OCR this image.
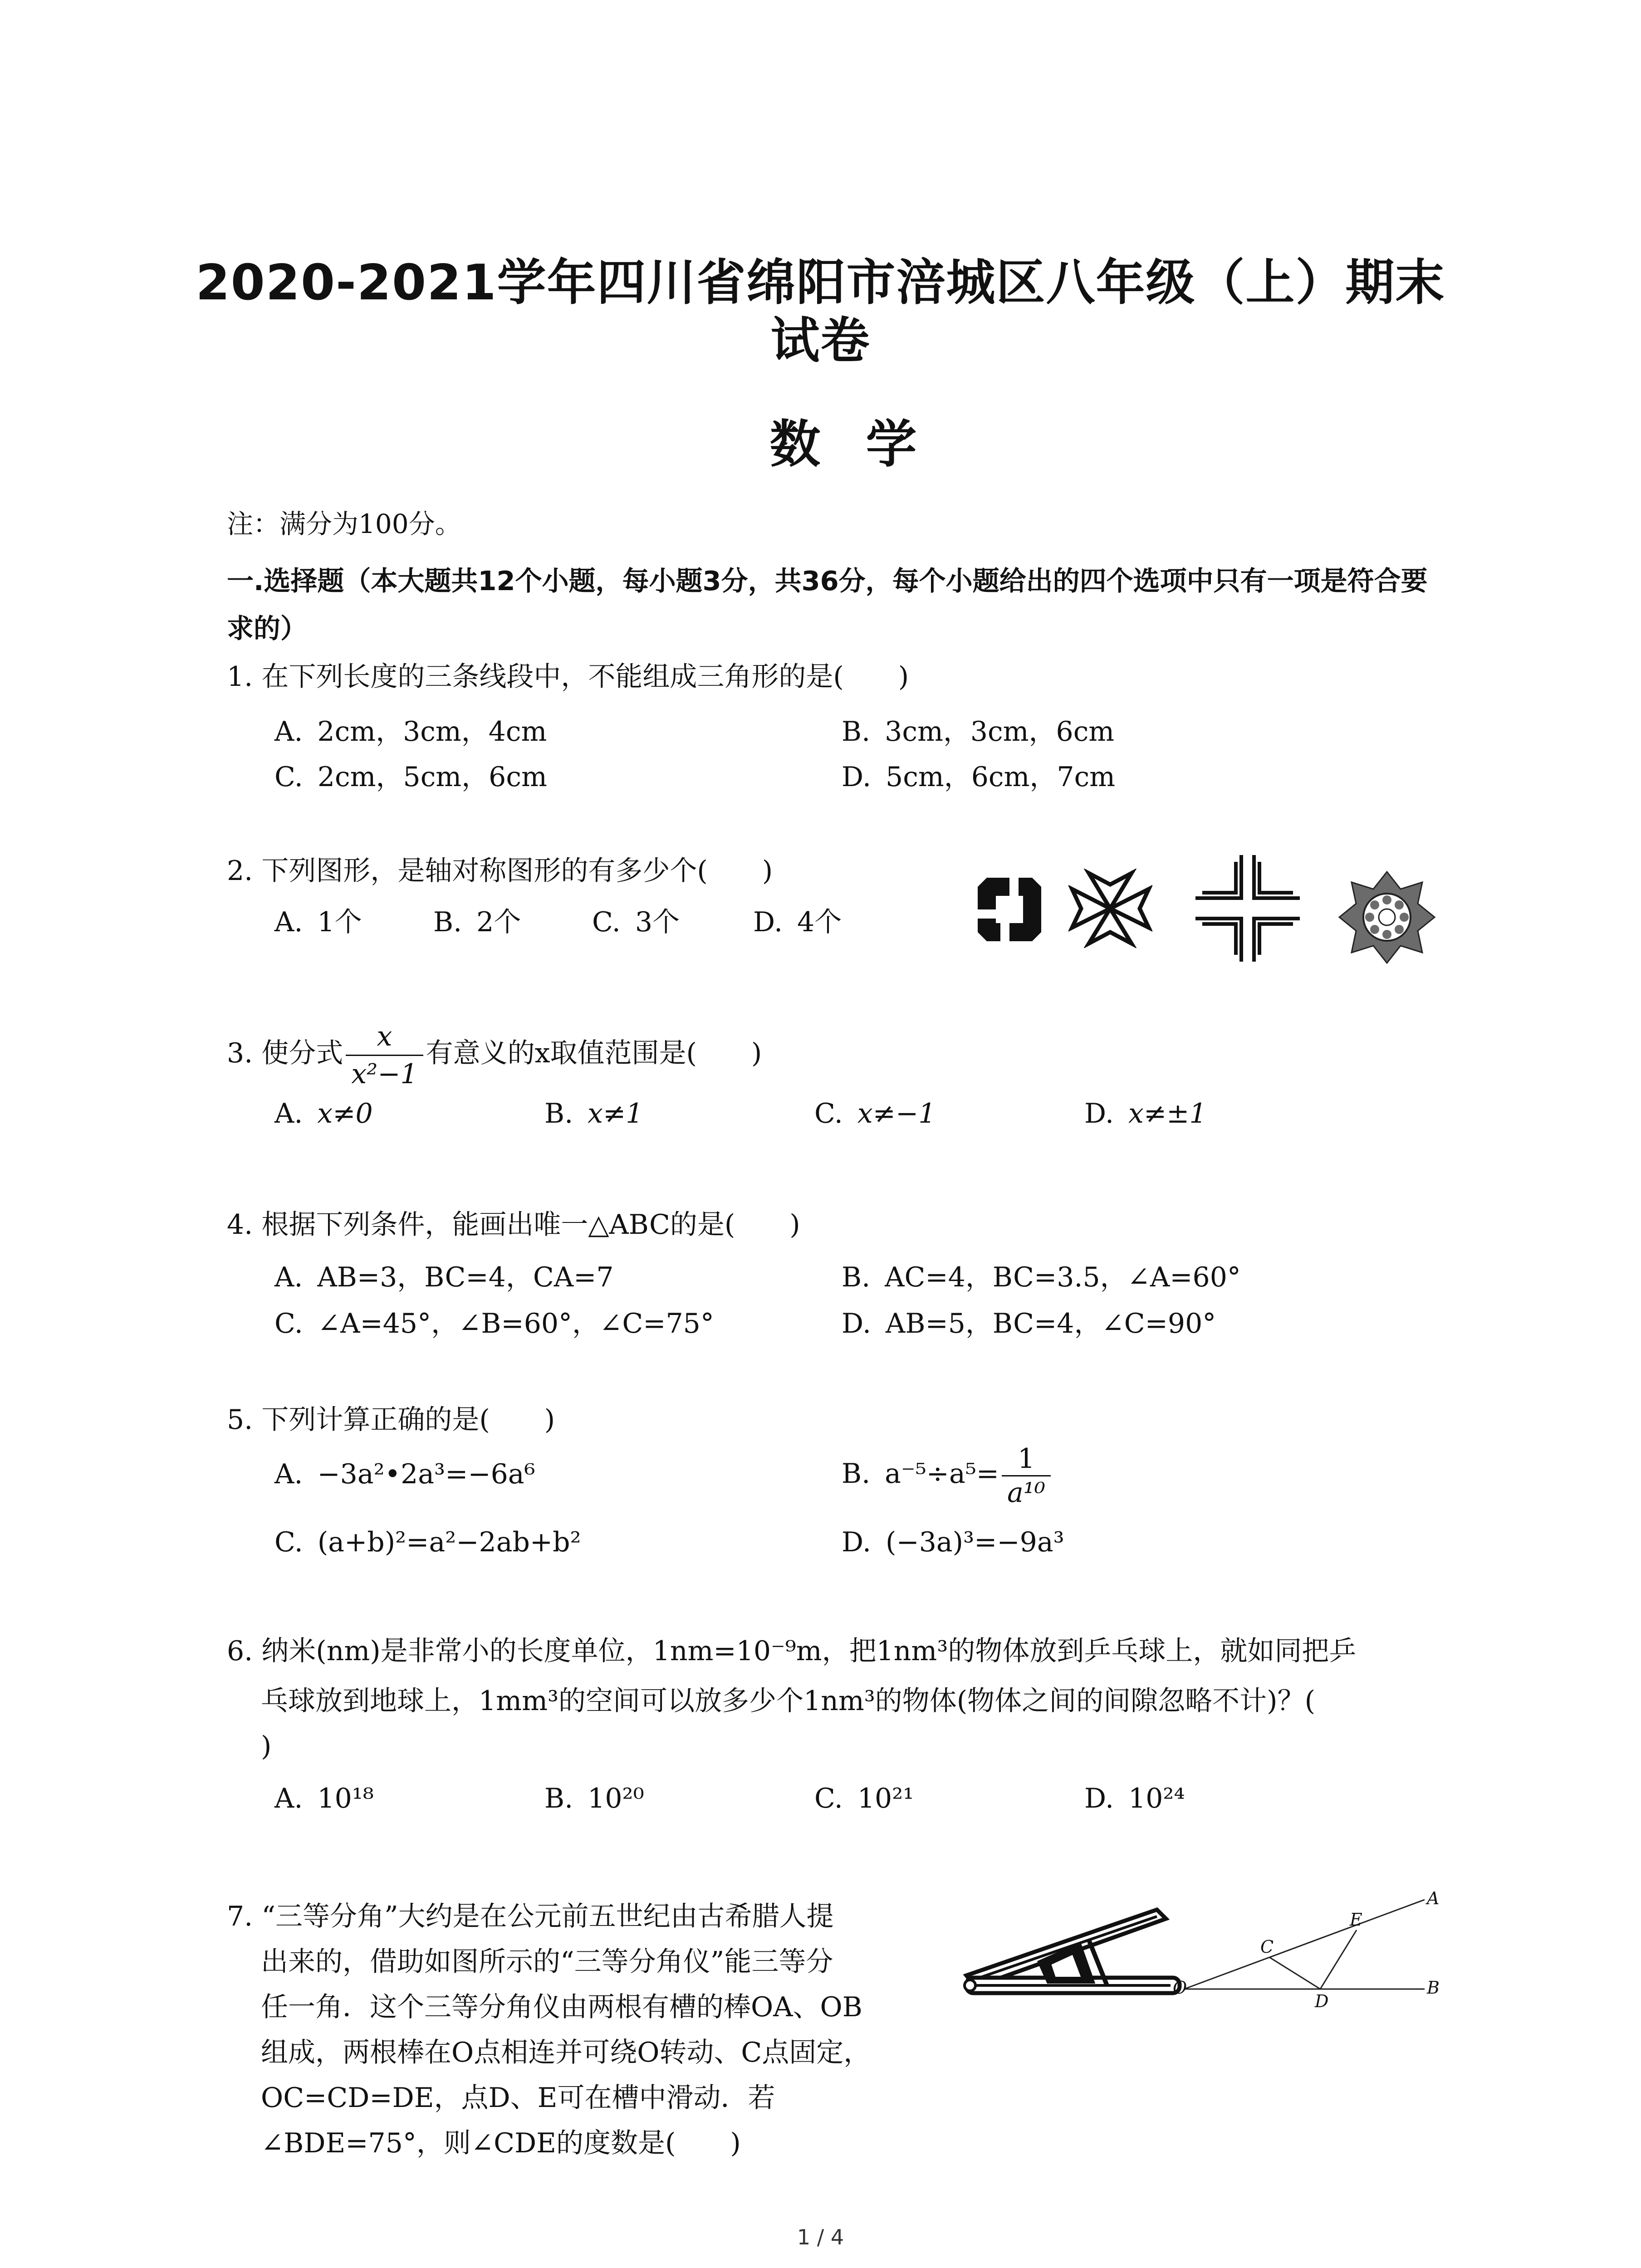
2020-2021学年四川省绵阳市涪城区八年级（上）期末
试卷
数学
注：满分为100分。
一.选择题（本大题共12个小题，每小题3分，共36分，每个小题给出的四个选项中只有一项是符合要求的）
1. 在下列长度的三条线段中，不能组成三角形的是(　　)
A. 2cm，3cm，4cm	B. 3cm，3cm，6cm
C. 2cm，5cm，6cm	D. 5cm，6cm，7cm
2. 下列图形，是轴对称图形的有多少个(　　)
A. 1个	B. 2个	C. 3个	D. 4个
3. 使分式 $\frac{x}{\text{x²−1}}$ 有意义的x取值范围是(　　)
A. x≠0	B. x≠1	C. x≠−1	D. x≠±1
4. 根据下列条件，能画出唯一△ABC的是(　　)
A. AB=3，BC=4，CA=7	B. AC=4，BC=3.5，∠A=60°
C. ∠A=45°，∠B=60°，∠C=75°	D. AB=5，BC=4，∠C=90°
5. 下列计算正确的是(　　)
A. −3a²•2a³=−6a⁶	B. $a^{-5}\div a^5= \frac{1}{\text{a¹⁰}}$
C. (a+b)²=a²−2ab+b²	D. (−3a)³=−9a³
6. 纳米(nm)是非常小的长度单位，1nm=10⁻⁹m，把1nm³的物体放到乒乓球上，就如同把乒
乓球放到地球上，1mm³的空间可以放多少个1nm³的物体(物体之间的间隙忽略不计)？(
)
A. 10¹⁸	B. 10²⁰	C. 10²¹	D. 10²⁴
7. “三等分角”大约是在公元前五世纪由古希腊人提
出来的，借助如图所示的“三等分角仪”能三等分
任一角．这个三等分角仪由两根有槽的棒OA、OB
组成，两根棒在O点相连并可绕O转动、C点固定，
OC=CD=DE，点D、E可在槽中滑动．若
∠BDE=75°，则∠CDE的度数是(　　)
O	B
A
C
D
E
1 / 4
